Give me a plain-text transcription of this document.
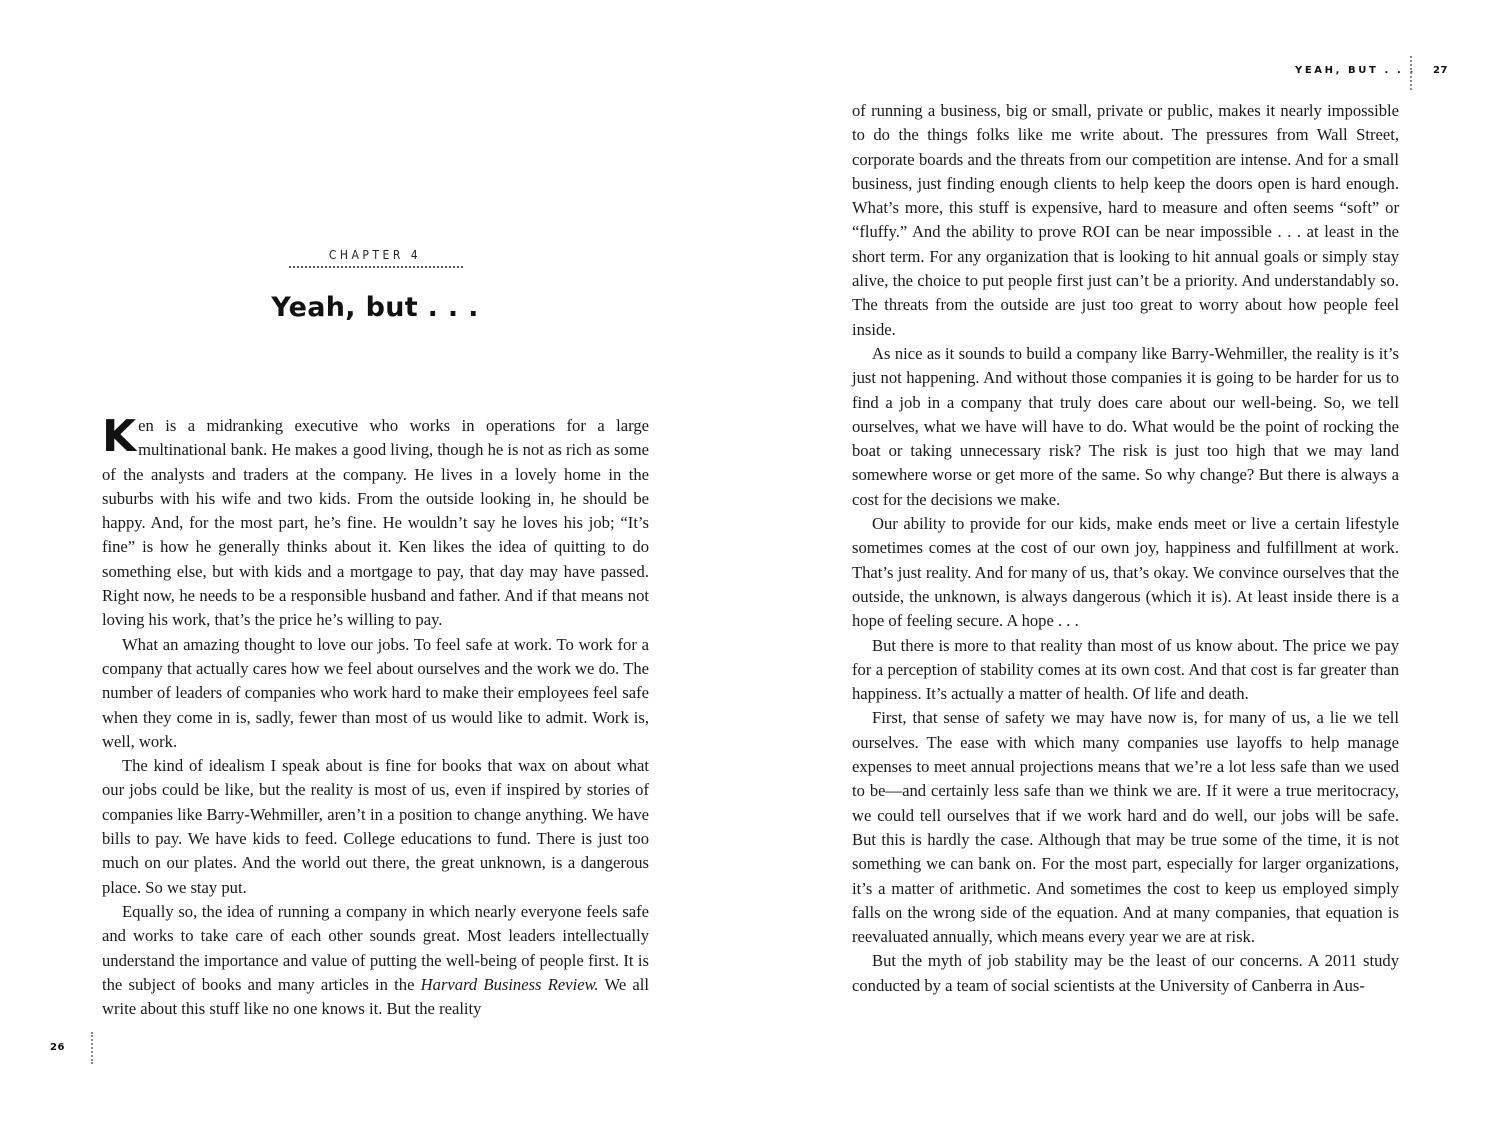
CHAPTER 4
Yeah, but . . .

Ken is a midranking executive who works in operations for a large multinational bank. He makes a good living, though he is not as rich as some of the analysts and traders at the company. He lives in a lovely home in the suburbs with his wife and two kids. From the outside looking in, he should be happy. And, for the most part, he’s fine. He wouldn’t say he loves his job; “It’s fine” is how he generally thinks about it. Ken likes the idea of quitting to do something else, but with kids and a mortgage to pay, that day may have passed. Right now, he needs to be a responsible husband and father. And if that means not loving his work, that’s the price he’s willing to pay.

What an amazing thought to love our jobs. To feel safe at work. To work for a company that actually cares how we feel about ourselves and the work we do. The number of leaders of companies who work hard to make their employees feel safe when they come in is, sadly, fewer than most of us would like to admit. Work is, well, work.

The kind of idealism I speak about is fine for books that wax on about what our jobs could be like, but the reality is most of us, even if inspired by stories of companies like Barry-Wehmiller, aren’t in a position to change anything. We have bills to pay. We have kids to feed. College educations to fund. There is just too much on our plates. And the world out there, the great unknown, is a dangerous place. So we stay put.

Equally so, the idea of running a company in which nearly everyone feels safe and works to take care of each other sounds great. Most leaders intellectually understand the importance and value of putting the well-being of people first. It is the subject of books and many articles in the Harvard Business Review. We all write about this stuff like no one knows it. But the reality

26
YEAH, BUT . . . 27

of running a business, big or small, private or public, makes it nearly impossible to do the things folks like me write about. The pressures from Wall Street, corporate boards and the threats from our competition are intense. And for a small business, just finding enough clients to help keep the doors open is hard enough. What’s more, this stuff is expensive, hard to measure and often seems “soft” or “fluffy.” And the ability to prove ROI can be near impossible . . . at least in the short term. For any organization that is looking to hit annual goals or simply stay alive, the choice to put people first just can’t be a priority. And understandably so. The threats from the outside are just too great to worry about how people feel inside.

As nice as it sounds to build a company like Barry-Wehmiller, the reality is it’s just not happening. And without those companies it is going to be harder for us to find a job in a company that truly does care about our well-being. So, we tell ourselves, what we have will have to do. What would be the point of rocking the boat or taking unnecessary risk? The risk is just too high that we may land somewhere worse or get more of the same. So why change? But there is always a cost for the decisions we make.

Our ability to provide for our kids, make ends meet or live a certain lifestyle sometimes comes at the cost of our own joy, happiness and fulfillment at work. That’s just reality. And for many of us, that’s okay. We convince ourselves that the outside, the unknown, is always dangerous (which it is). At least inside there is a hope of feeling secure. A hope . . .

But there is more to that reality than most of us know about. The price we pay for a perception of stability comes at its own cost. And that cost is far greater than happiness. It’s actually a matter of health. Of life and death.

First, that sense of safety we may have now is, for many of us, a lie we tell ourselves. The ease with which many companies use layoffs to help manage expenses to meet annual projections means that we’re a lot less safe than we used to be—and certainly less safe than we think we are. If it were a true meritocracy, we could tell ourselves that if we work hard and do well, our jobs will be safe. But this is hardly the case. Although that may be true some of the time, it is not something we can bank on. For the most part, especially for larger organizations, it’s a matter of arithmetic. And sometimes the cost to keep us employed simply falls on the wrong side of the equation. And at many companies, that equation is reevaluated annually, which means every year we are at risk.

But the myth of job stability may be the least of our concerns. A 2011 study conducted by a team of social scientists at the University of Canberra in Aus-
